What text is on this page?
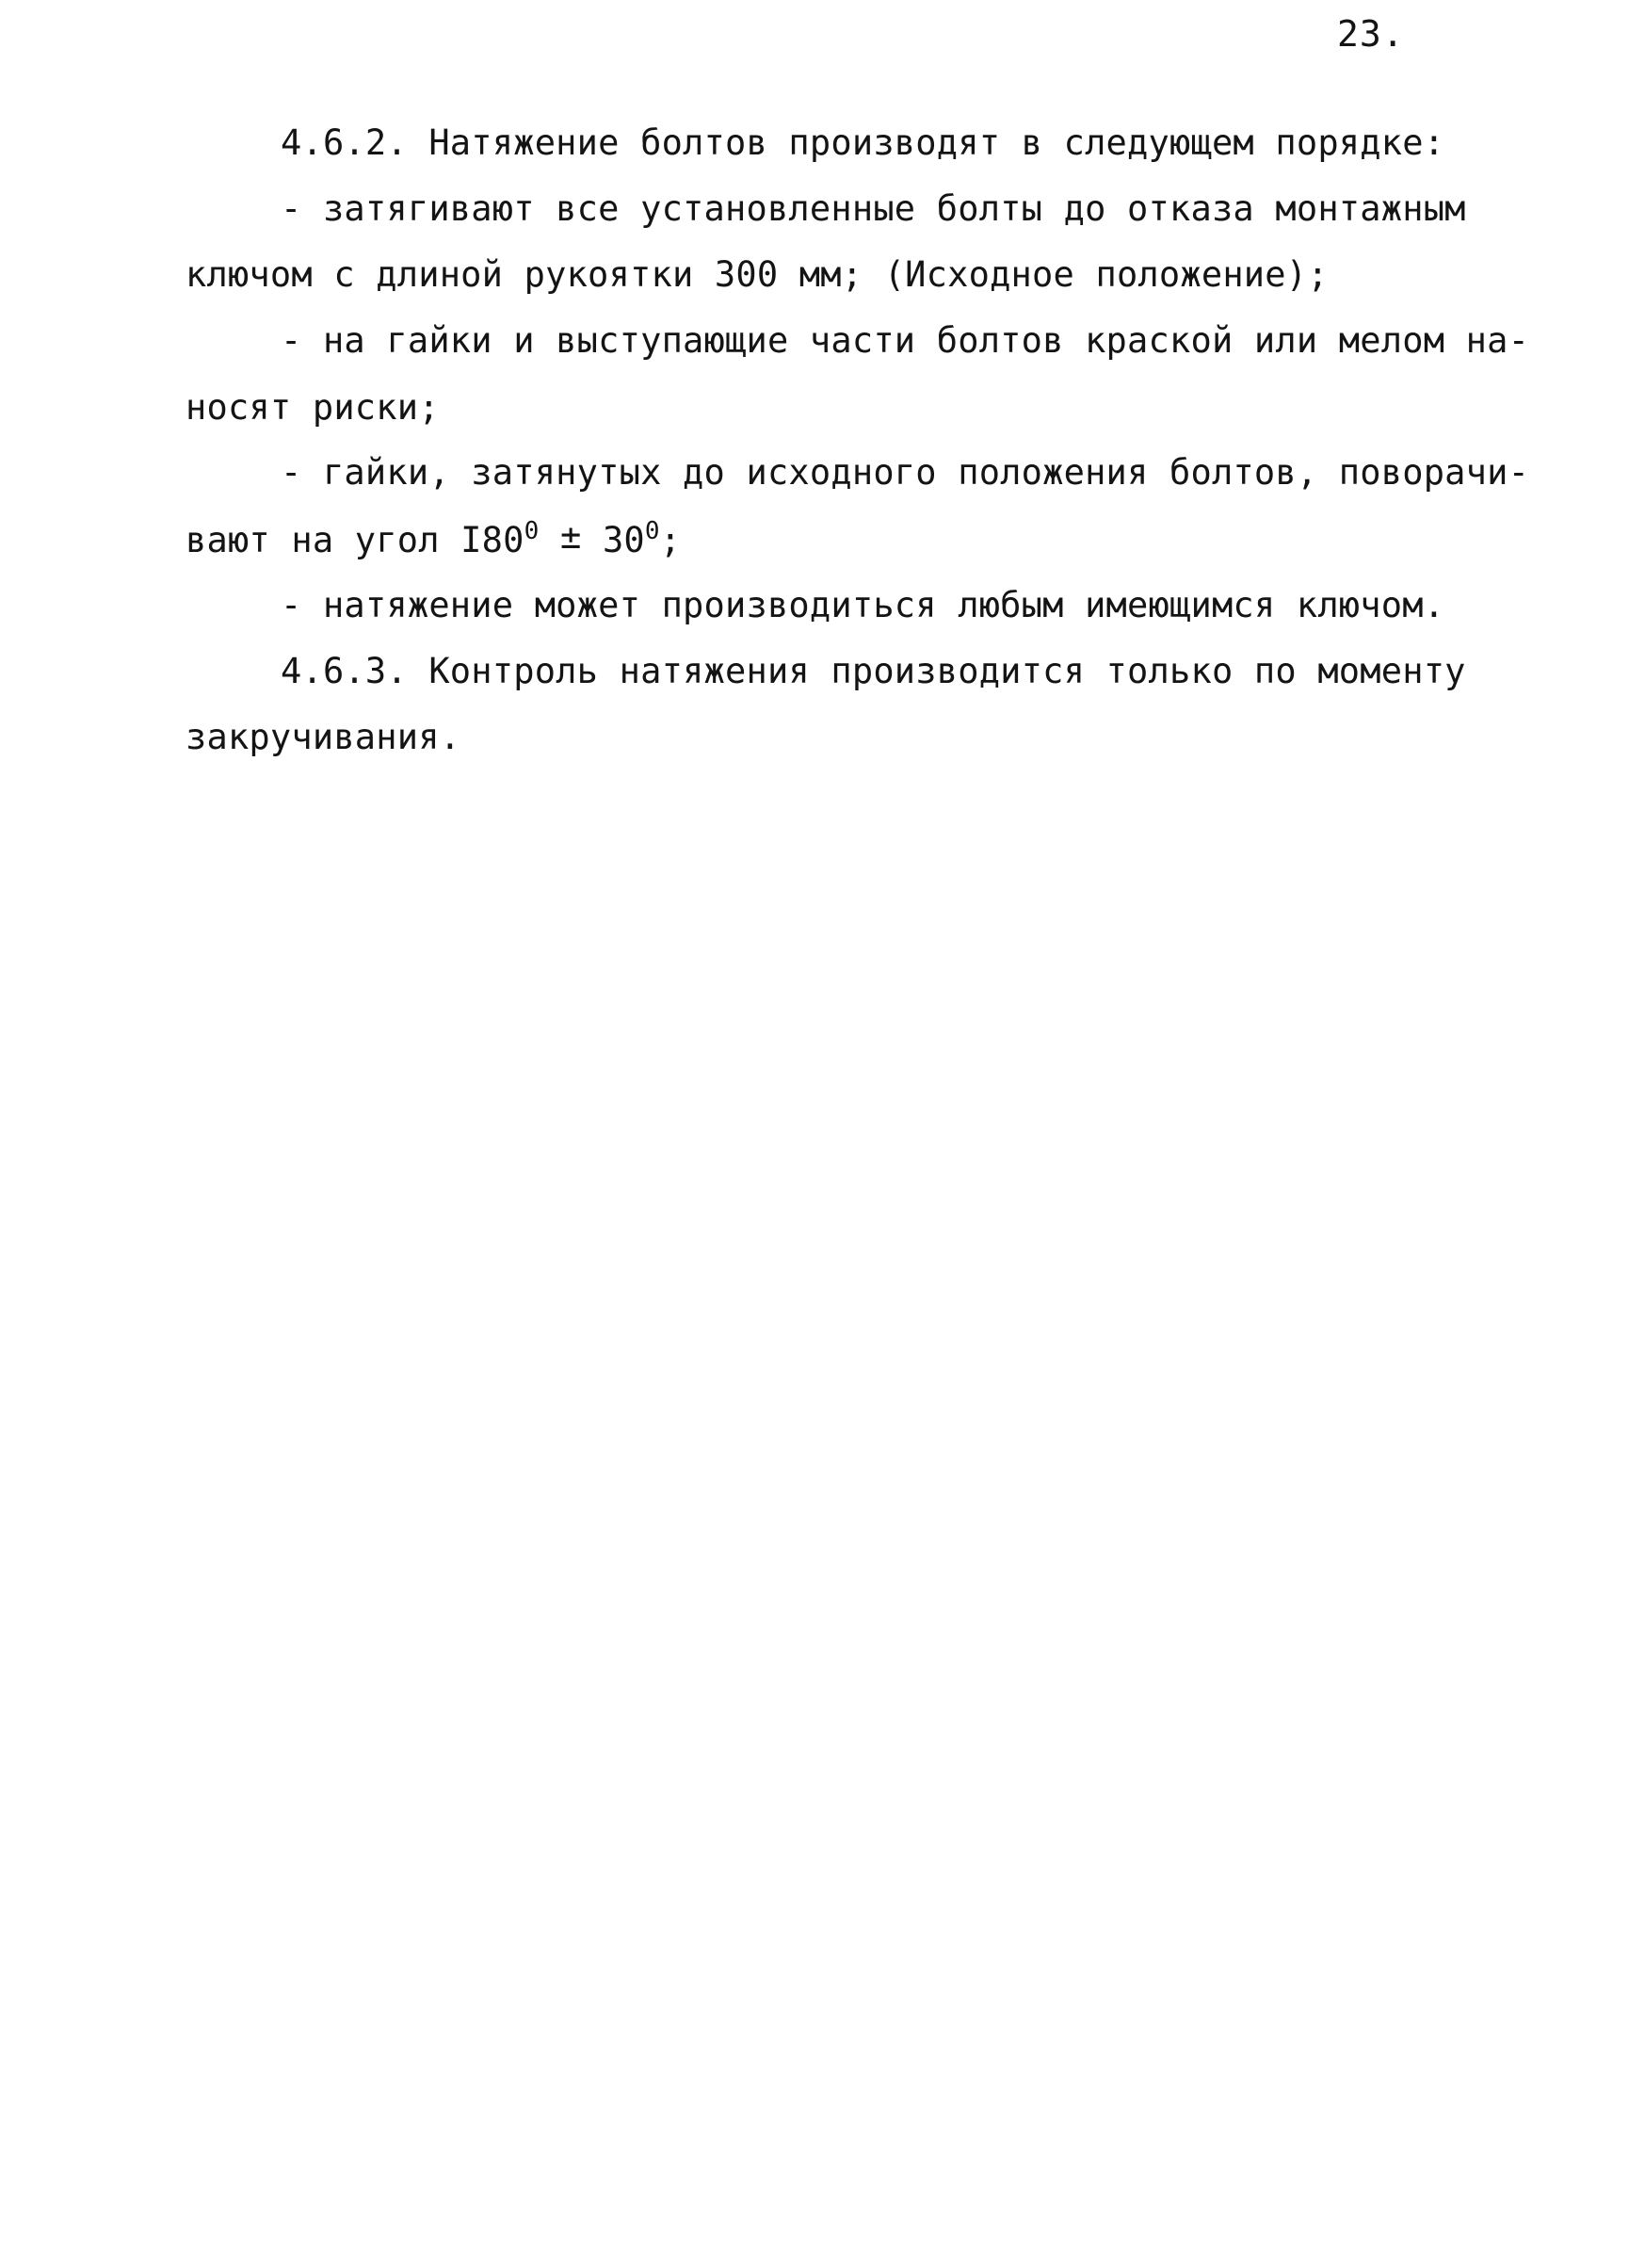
23.
4.6.2. Натяжение болтов производят в следующем порядке:
- затягивают все установленные болты до отказа монтажным
ключом с длиной рукоятки 300 мм; (Исходное положение);
- на гайки и выступающие части болтов краской или мелом на-
носят риски;
- гайки, затянутых до исходного положения болтов, поворачи-
вают на угол $I80^0 \pm 30^0$;
- натяжение может производиться любым имеющимся ключом.
4.6.3. Контроль натяжения производится только по моменту
закручивания.
